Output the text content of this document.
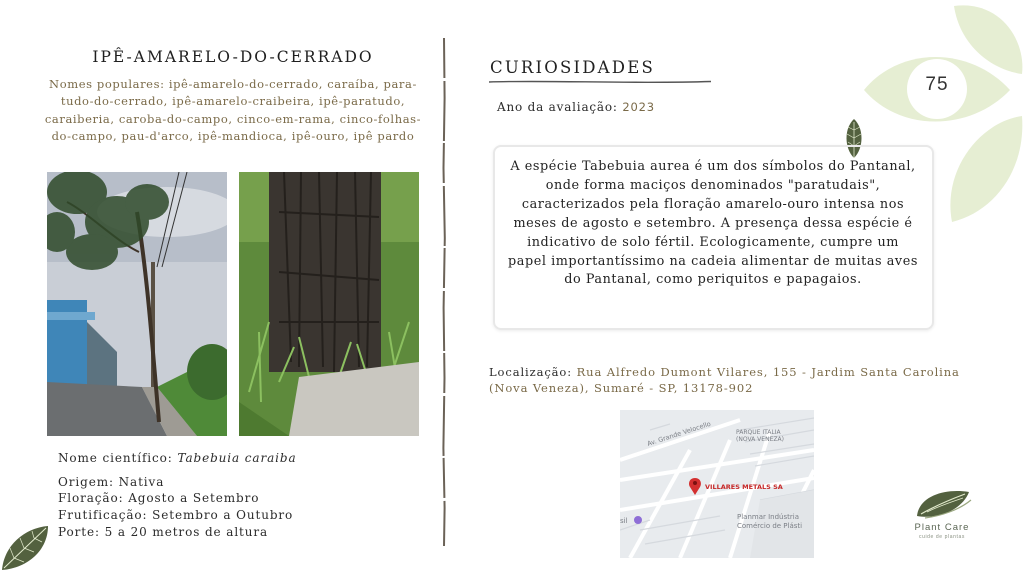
75
IPÊ-AMARELO-DO-CERRADO
Nomes populares: ipê-amarelo-do-cerrado, caraíba, para-tudo-do-cerrado, ipê-amarelo-craibeira, ipê-paratudo, caraiberia, caroba-do-campo, cinco-em-rama, cinco-folhas-do-campo, pau-d'arco, ipê-mandioca, ipê-ouro, ipê pardo
Nome científico: Tabebuia caraiba
Origem: Nativa
Floração: Agosto a Setembro
Frutificação: Setembro a Outubro
Porte: 5 a 20 metros de altura
CURIOSIDADES
Ano da avaliação: 2023
A espécie Tabebuia aurea é um dos símbolos do Pantanal, onde forma maciços denominados "paratudais", caracterizados pela floração amarelo-ouro intensa nos meses de agosto e setembro. A presença dessa espécie é indicativo de solo fértil. Ecologicamente, cumpre um papel importantíssimo na cadeia alimentar de muitas aves do Pantanal, como periquitos e papagaios.
Localização: Rua Alfredo Dumont Vilares, 155 - Jardim Santa Carolina (Nova Veneza), Sumaré - SP, 13178-902
Av. Grande Velocello	PARQUE ITALIA
(NOVA VENEZA)
VILLARES METALS SA
Planmar Indústria
Comércio de Plásti
sil
Plant Care
cuide de plantas
